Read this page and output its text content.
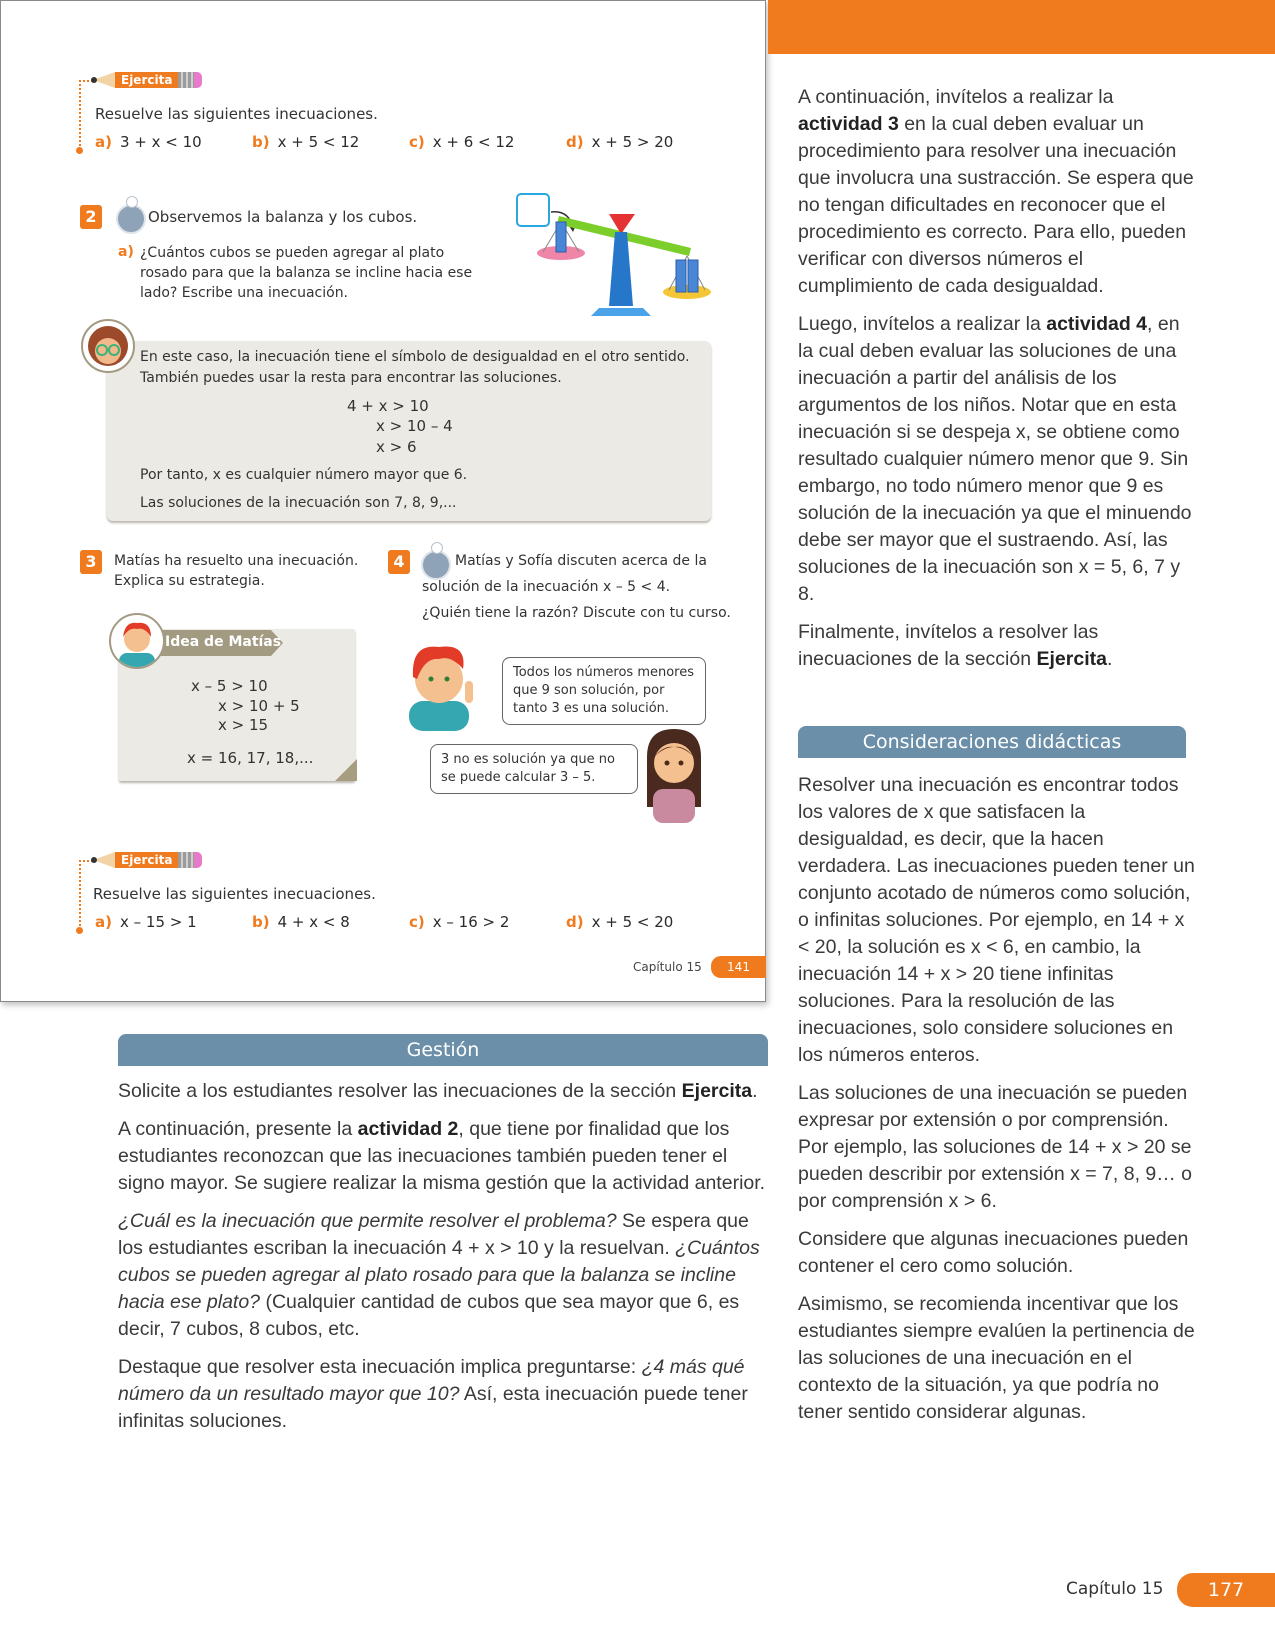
Ejercita
Resuelve las siguientes inecuaciones.
a) 3 + x < 10	b) x + 5 < 12	c) x + 6 < 12	d) x + 5 > 20
2	Observemos la balanza y los cubos.
a) ¿Cuántos cubos se pueden agregar al plato rosado para que la balanza se incline hacia ese lado? Escribe una inecuación.
En este caso, la inecuación tiene el símbolo de desigualdad en el otro sentido.
También puedes usar la resta para encontrar las soluciones.
4 + x > 10
x > 10 – 4
x > 6
Por tanto, x es cualquier número mayor que 6.
Las soluciones de la inecuación son 7, 8, 9,...
3	Matías ha resuelto una inecuación.
Explica su estrategia.
Idea de Matías
x – 5 > 10
x > 10 + 5
x > 15
x = 16, 17, 18,...
4	Matías y Sofía discuten acerca de la
solución de la inecuación x – 5 < 4.
¿Quién tiene la razón? Discute con tu curso.
Todos los números menores que 9 son solución, por tanto 3 es una solución.
3 no es solución ya que no se puede calcular 3 – 5.
Ejercita
Resuelve las siguientes inecuaciones.
a) x – 15 > 1	b) 4 + x < 8	c) x – 16 > 2	d) x + 5 < 20
Capítulo 15	141
Gestión

Solicite a los estudiantes resolver las inecuaciones de la sección Ejercita.

A continuación, presente la actividad 2, que tiene por finalidad que los estudiantes reconozcan que las inecuaciones también pueden tener el signo mayor. Se sugiere realizar la misma gestión que la actividad anterior.

¿Cuál es la inecuación que permite resolver el problema? Se espera que los estudiantes escriban la inecuación 4 + x > 10 y la resuelvan. ¿Cuántos cubos se pueden agregar al plato rosado para que la balanza se incline hacia ese plato? (Cualquier cantidad de cubos que sea mayor que 6, es decir, 7 cubos, 8 cubos, etc.

Destaque que resolver esta inecuación implica preguntarse: ¿4 más qué número da un resultado mayor que 10? Así, esta inecuación puede tener infinitas soluciones.

A continuación, invítelos a realizar la actividad 3 en la cual deben evaluar un procedimiento para resolver una inecuación que involucra una sustracción. Se espera que no tengan dificultades en reconocer que el procedimiento es correcto. Para ello, pueden verificar con diversos números el cumplimiento de cada desigualdad.

Luego, invítelos a realizar la actividad 4, en la cual deben evaluar las soluciones de una inecuación a partir del análisis de los argumentos de los niños. Notar que en esta inecuación si se despeja x, se obtiene como resultado cualquier número menor que 9. Sin embargo, no todo número menor que 9 es solución de la inecuación ya que el minuendo debe ser mayor que el sustraendo. Así, las soluciones de la inecuación son x = 5, 6, 7 y 8.

Finalmente, invítelos a resolver las inecuaciones de la sección Ejercita.

Consideraciones didácticas

Resolver una inecuación es encontrar todos los valores de x que satisfacen la desigualdad, es decir, que la hacen verdadera. Las inecuaciones pueden tener un conjunto acotado de números como solución, o infinitas soluciones. Por ejemplo, en 14 + x < 20, la solución es x < 6, en cambio, la inecuación 14 + x > 20 tiene infinitas soluciones. Para la resolución de las inecuaciones, solo considere soluciones en los números enteros.

Las soluciones de una inecuación se pueden expresar por extensión o por comprensión. Por ejemplo, las soluciones de 14 + x > 20 se pueden describir por extensión x = 7, 8, 9… o por comprensión x > 6.

Considere que algunas inecuaciones pueden contener el cero como solución.

Asimismo, se recomienda incentivar que los estudiantes siempre evalúen la pertinencia de las soluciones de una inecuación en el contexto de la situación, ya que podría no tener sentido considerar algunas.

Capítulo 15	177
